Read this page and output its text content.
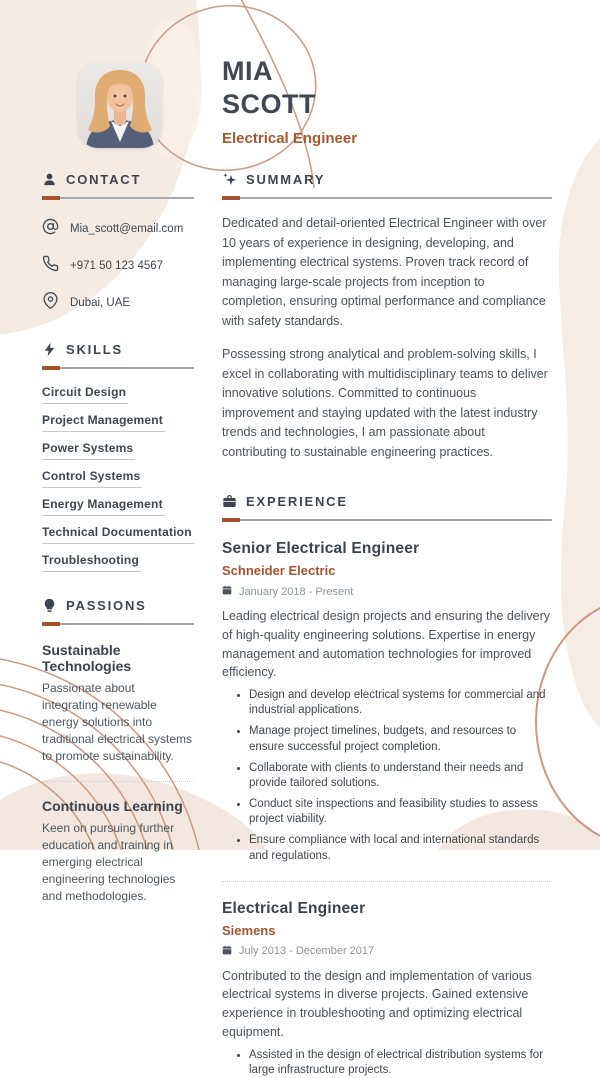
MIA
SCOTT
Electrical Engineer
CONTACT
Mia_scott@email.com
+971 50 123 4567
Dubai, UAE
SKILLS
Circuit Design
Project Management
Power Systems
Control Systems
Energy Management
Technical Documentation
Troubleshooting
PASSIONS
Sustainable Technologies

Passionate about integrating renewable energy solutions into traditional electrical systems to promote sustainability.

Continuous Learning

Keen on pursuing further education and training in emerging electrical engineering technologies and methodologies.

SUMMARY

Dedicated and detail-oriented Electrical Engineer with over 10 years of experience in designing, developing, and implementing electrical systems. Proven track record of managing large-scale projects from inception to completion, ensuring optimal performance and compliance with safety standards.

Possessing strong analytical and problem-solving skills, I excel in collaborating with multidisciplinary teams to deliver innovative solutions. Committed to continuous improvement and staying updated with the latest industry trends and technologies, I am passionate about contributing to sustainable engineering practices.

EXPERIENCE
Senior Electrical Engineer
Schneider Electric
January 2018 - Present

Leading electrical design projects and ensuring the delivery of high-quality engineering solutions. Expertise in energy management and automation technologies for improved efficiency.

• Design and develop electrical systems for commercial and industrial applications.
• Manage project timelines, budgets, and resources to ensure successful project completion.
• Collaborate with clients to understand their needs and provide tailored solutions.
• Conduct site inspections and feasibility studies to assess project viability.
• Ensure compliance with local and international standards and regulations.
Electrical Engineer
Siemens
July 2013 - December 2017

Contributed to the design and implementation of various electrical systems in diverse projects. Gained extensive experience in troubleshooting and optimizing electrical equipment.

• Assisted in the design of electrical distribution systems for large infrastructure projects.
